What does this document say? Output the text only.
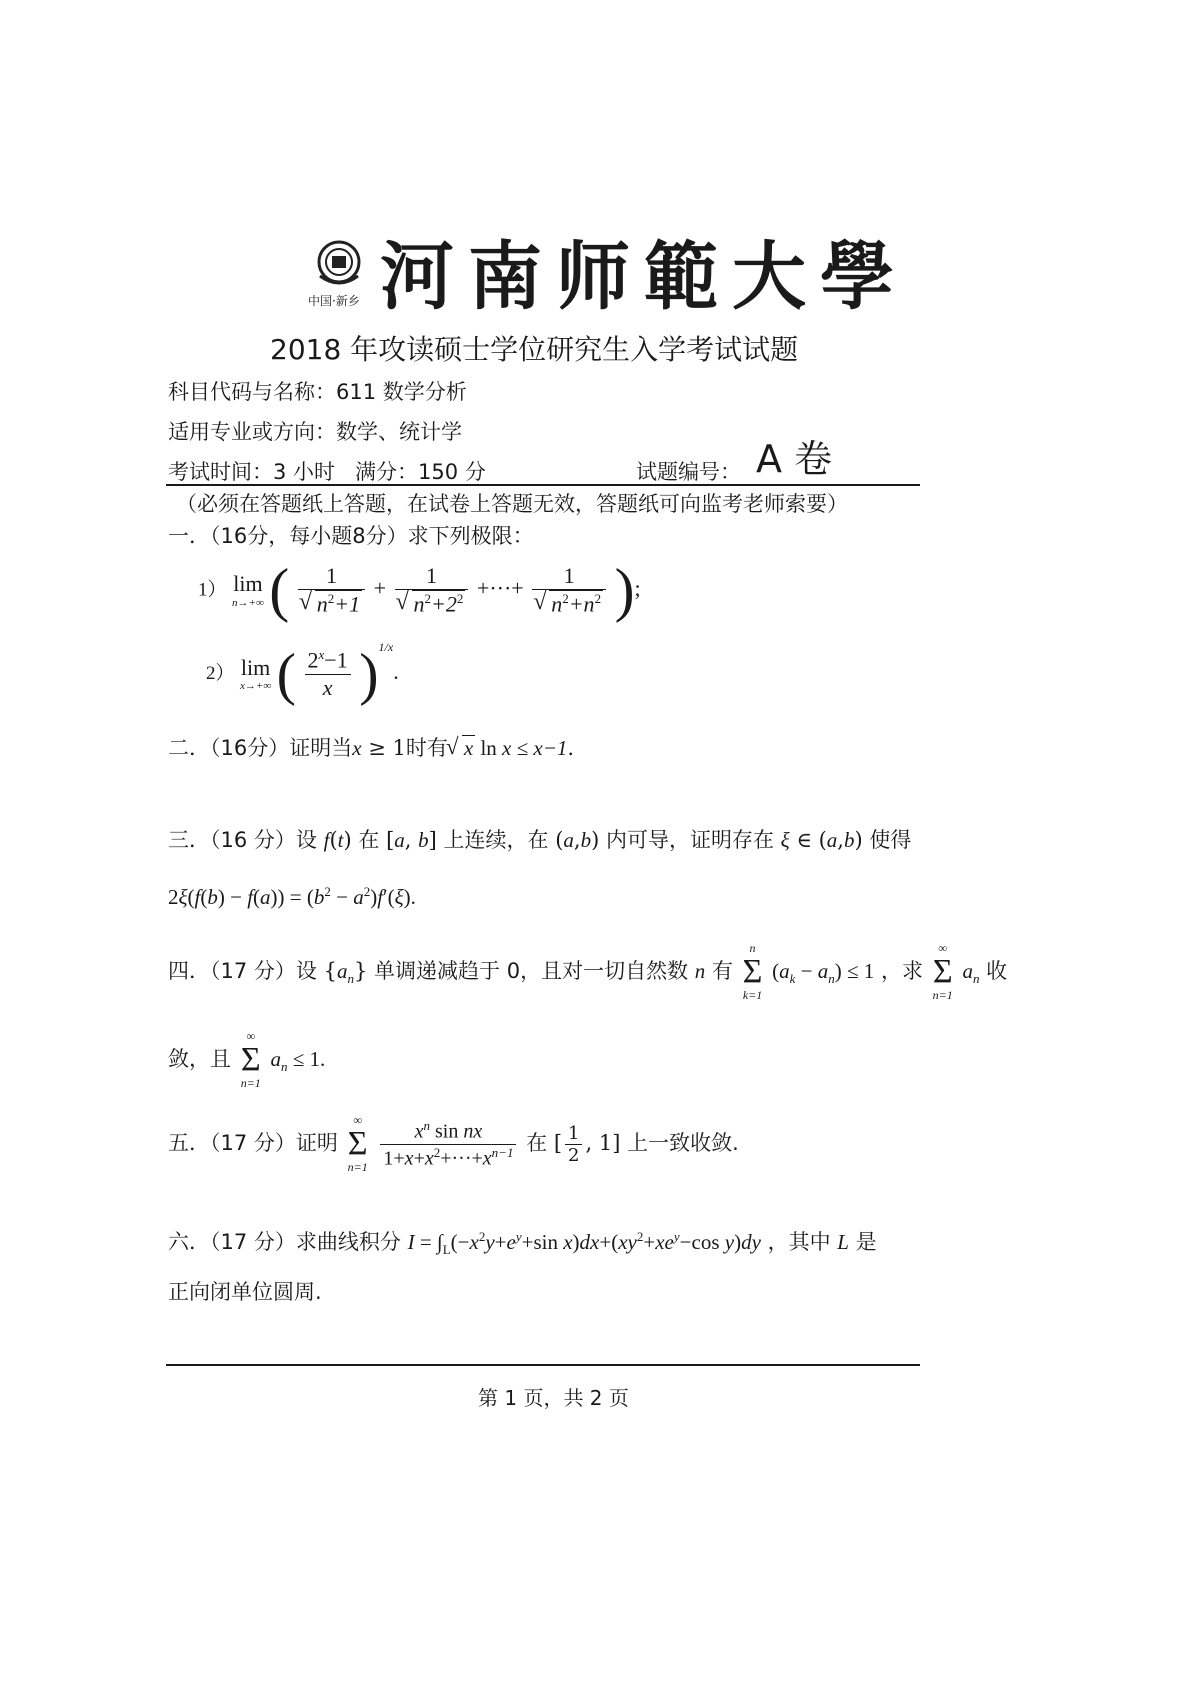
中国·新乡 河南师範大學
2018 年攻读硕士学位研究生入学考试试题
科目代码与名称：611 数学分析
适用专业或方向：数学、统计学
考试时间：3 小时   满分：150 分	试题编号： A 卷
（必须在答题纸上答题，在试卷上答题无效，答题纸可向监考老师索要）
一．（16分，每小题8分）求下列极限：
1） lim
n→+∞ ( 1
√ $n^2+1 + 1$
√ $n^2+2^2$ +···+ 1
√ $n^2+n^2$ );
2） lim
x→+∞ ( $\frac{2^x-1}{x} )^{1/x}$.
二．（16分）证明当x ≥ 1时有√ x ln x ≤ x−1.
三．（16 分）设 f(t) 在 [a, b] 上连续，在 (a,b) 内可导，证明存在 ξ ∈ (a,b) 使得
$2\xi(f(b) - f(a)) = (b^2 - a^2)f'(\xi)$.
四．（17 分）设 $\{a_n\}$ 单调递减趋于 0，且对一切自然数 n 有
n
Σ
k=1
$(a_k - a_n) \le 1$ ，求
∞
Σ
n=1
$a_n$ 收
敛，且
∞
Σ
n=1
$a_n \le 1$.
五．（17 分）证明
∞
Σ
n=1
$\frac{x^n \sin nx}{1+x+x^2+\cdot\cdot\cdot+x^{n-1}}$ 在 [ $\frac{1}{2}$ , 1] 上一致收敛.
六．（17 分）求曲线积分 $I = \int_L(-x^2y+e^y+\sin$ $x)dx+(xy^2+xe^y-\cos$ y)dy ，其中 L 是
正向闭单位圆周.
第 1 页，共 2 页
